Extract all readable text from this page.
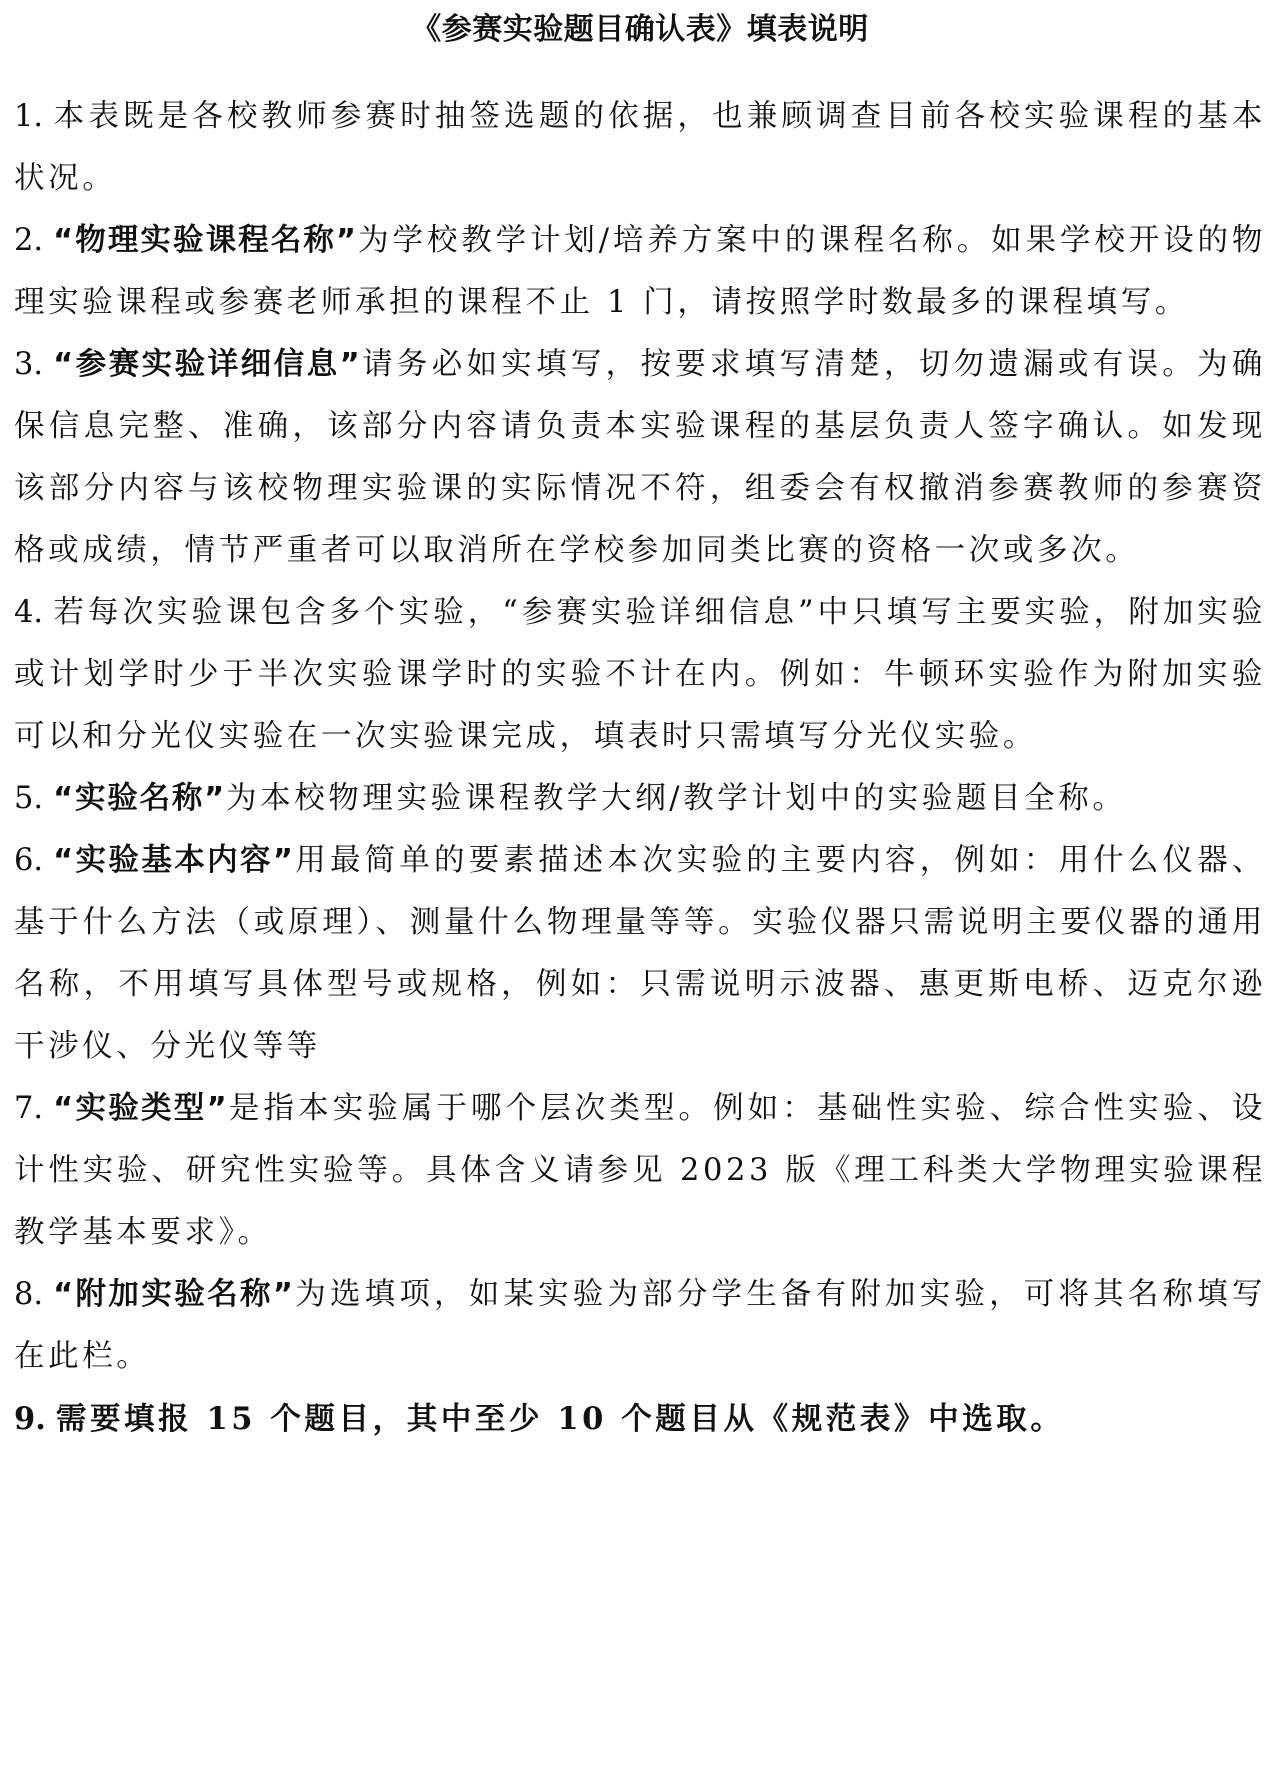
《参赛实验题目确认表》填表说明
1. 本表既是各校教师参赛时抽签选题的依据，也兼顾调查目前各校实验课程的基本状况。
2. “物理实验课程名称”为学校教学计划/培养方案中的课程名称。如果学校开设的物理实验课程或参赛老师承担的课程不止 1 门，请按照学时数最多的课程填写。
3. “参赛实验详细信息”请务必如实填写，按要求填写清楚，切勿遗漏或有误。为确保信息完整、准确，该部分内容请负责本实验课程的基层负责人签字确认。如发现该部分内容与该校物理实验课的实际情况不符，组委会有权撤消参赛教师的参赛资格或成绩，情节严重者可以取消所在学校参加同类比赛的资格一次或多次。
4. 若每次实验课包含多个实验，“参赛实验详细信息”中只填写主要实验，附加实验或计划学时少于半次实验课学时的实验不计在内。例如：牛顿环实验作为附加实验可以和分光仪实验在一次实验课完成，填表时只需填写分光仪实验。
5. “实验名称”为本校物理实验课程教学大纲/教学计划中的实验题目全称。
6. “实验基本内容”用最简单的要素描述本次实验的主要内容，例如：用什么仪器、基于什么方法（或原理）、测量什么物理量等等。实验仪器只需说明主要仪器的通用名称，不用填写具体型号或规格，例如：只需说明示波器、惠更斯电桥、迈克尔逊干涉仪、分光仪等等
7. “实验类型”是指本实验属于哪个层次类型。例如：基础性实验、综合性实验、设计性实验、研究性实验等。具体含义请参见 2023 版《理工科类大学物理实验课程教学基本要求》。
8. “附加实验名称”为选填项，如某实验为部分学生备有附加实验，可将其名称填写在此栏。
9. 需要填报 15 个题目，其中至少 10 个题目从《规范表》中选取。
